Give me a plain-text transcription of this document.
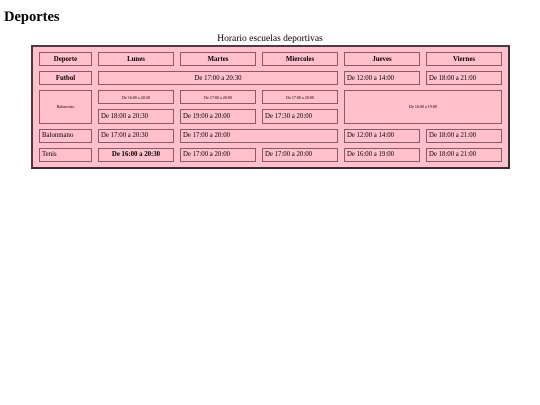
Deportes
Horario escuelas deportivas
Deporte	Lunes	Martes	Miercoles	Jueves	Viernes
Futbol	De 17:00 a 20:30			De 12:00 a 14:00	De 18:00 a 21:00
Baloncesto	De 16:00 a 20:30	De 17:00 a 20:00	De 17:00 a 20:00	De 16:00 a 19:00	
	De 18:00 a 20:30	De 19:00 a 20:00	De 17:30 a 20:00		
Balonmano	De 17:00 a 20:30	De 17:00 a 20:00		De 12:00 a 14:00	De 18:00 a 21:00
Tenis	De 16:00 a 20:30	De 17:00 a 20:00	De 17:00 a 20:00	De 16:00 a 19:00	De 18:00 a 21:00
